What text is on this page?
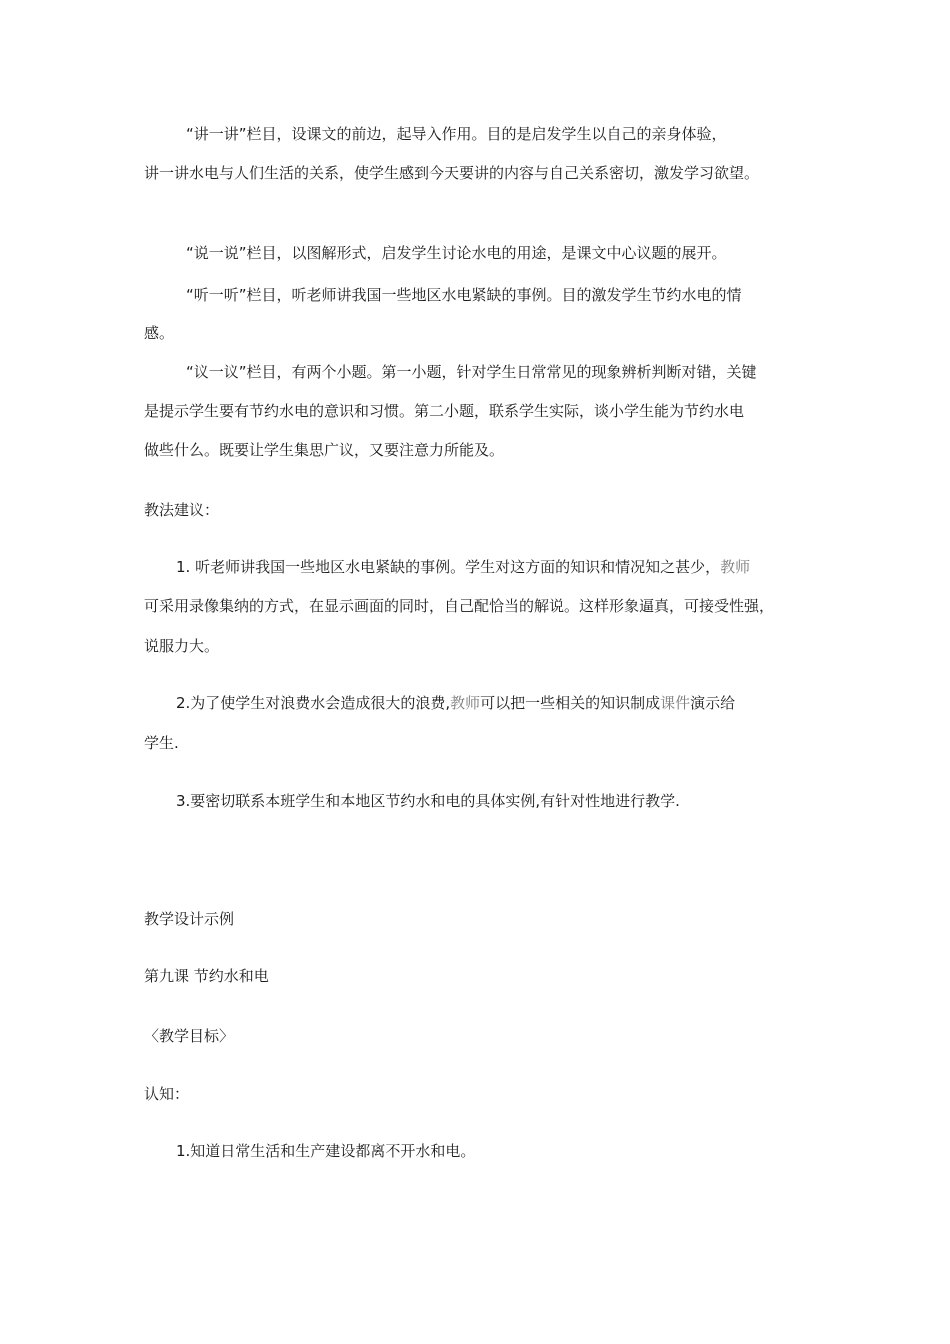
“讲一讲”栏目，设课文的前边，起导入作用。目的是启发学生以自己的亲身体验，
讲一讲水电与人们生活的关系，使学生感到今天要讲的内容与自己关系密切，激发学习欲望。
“说一说”栏目，以图解形式，启发学生讨论水电的用途，是课文中心议题的展开。
“听一听”栏目，听老师讲我国一些地区水电紧缺的事例。目的激发学生节约水电的情
感。
“议一议”栏目，有两个小题。第一小题，针对学生日常常见的现象辨析判断对错，关键
是提示学生要有节约水电的意识和习惯。第二小题，联系学生实际，谈小学生能为节约水电
做些什么。既要让学生集思广议，又要注意力所能及。
教法建议：
1. 听老师讲我国一些地区水电紧缺的事例。学生对这方面的知识和情况知之甚少，教师
可采用录像集纳的方式，在显示画面的同时，自己配恰当的解说。这样形象逼真，可接受性强，
说服力大。
2.为了使学生对浪费水会造成很大的浪费,教师可以把一些相关的知识制成课件演示给
学生.
3.要密切联系本班学生和本地区节约水和电的具体实例,有针对性地进行教学.
教学设计示例
第九课 节约水和电
〈教学目标〉
认知：
1.知道日常生活和生产建设都离不开水和电。
